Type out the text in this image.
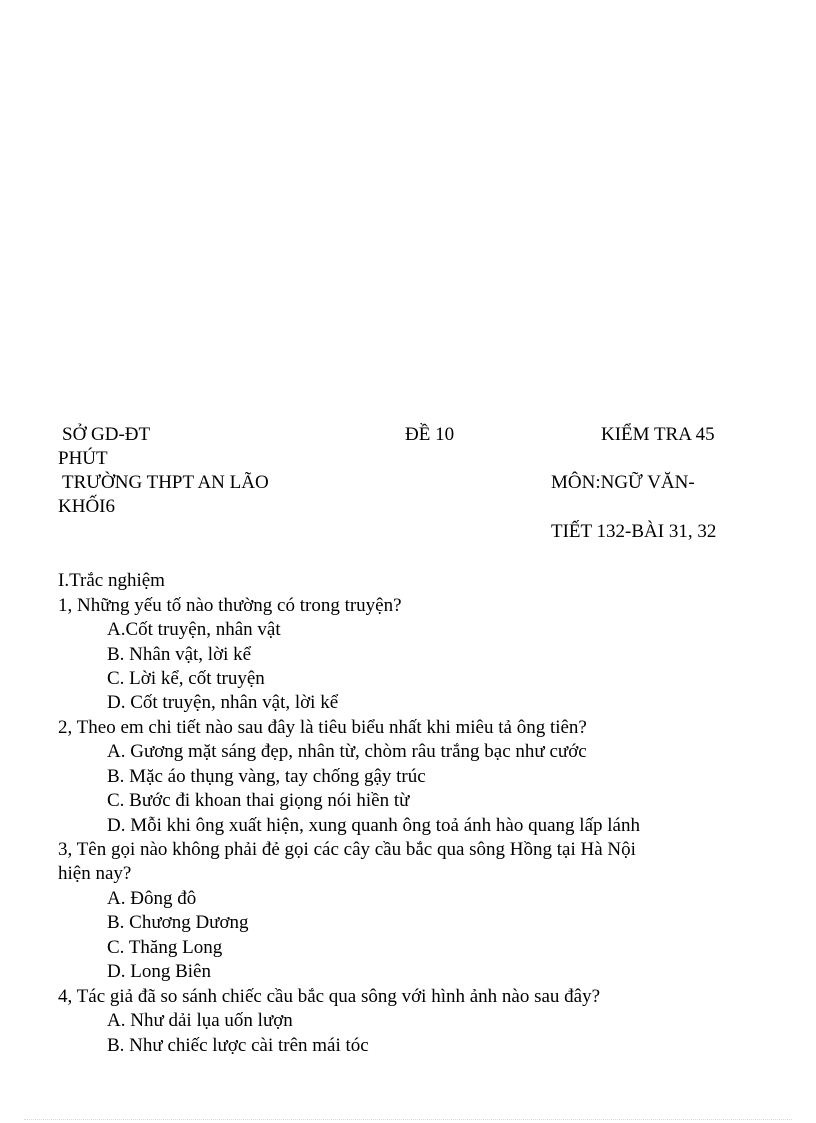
SỞ GD-ĐT	ĐỀ 10	KIỂM TRA 45
PHÚT
TRƯỜNG THPT AN LÃO	MÔN:NGỮ VĂN-
KHỐI6
TIẾT 132-BÀI 31, 32
I.Trắc nghiệm
1, Những yếu tố nào thường có trong truyện?
A.Cốt truyện, nhân vật
B. Nhân vật, lời kể
C. Lời kể, cốt truyện
D. Cốt truyện, nhân vật, lời kể
2, Theo em chi tiết nào sau đây là tiêu biểu nhất khi miêu tả ông tiên?
A. Gương mặt sáng đẹp, nhân từ, chòm râu trắng bạc như cước
B. Mặc áo thụng vàng, tay chống gậy trúc
C. Bước đi khoan thai giọng nói hiền từ
D. Mỗi khi ông xuất hiện, xung quanh ông toả ánh hào quang lấp lánh
3, Tên gọi nào không phải đẻ gọi các cây cầu bắc qua sông Hồng tại Hà Nội
hiện nay?
A. Đông đô
B. Chương Dương
C. Thăng Long
D. Long Biên
4, Tác giả đã so sánh chiếc cầu bắc qua sông với hình ảnh nào sau đây?
A. Như dải lụa uốn lượn
B. Như chiếc lược cài trên mái tóc
